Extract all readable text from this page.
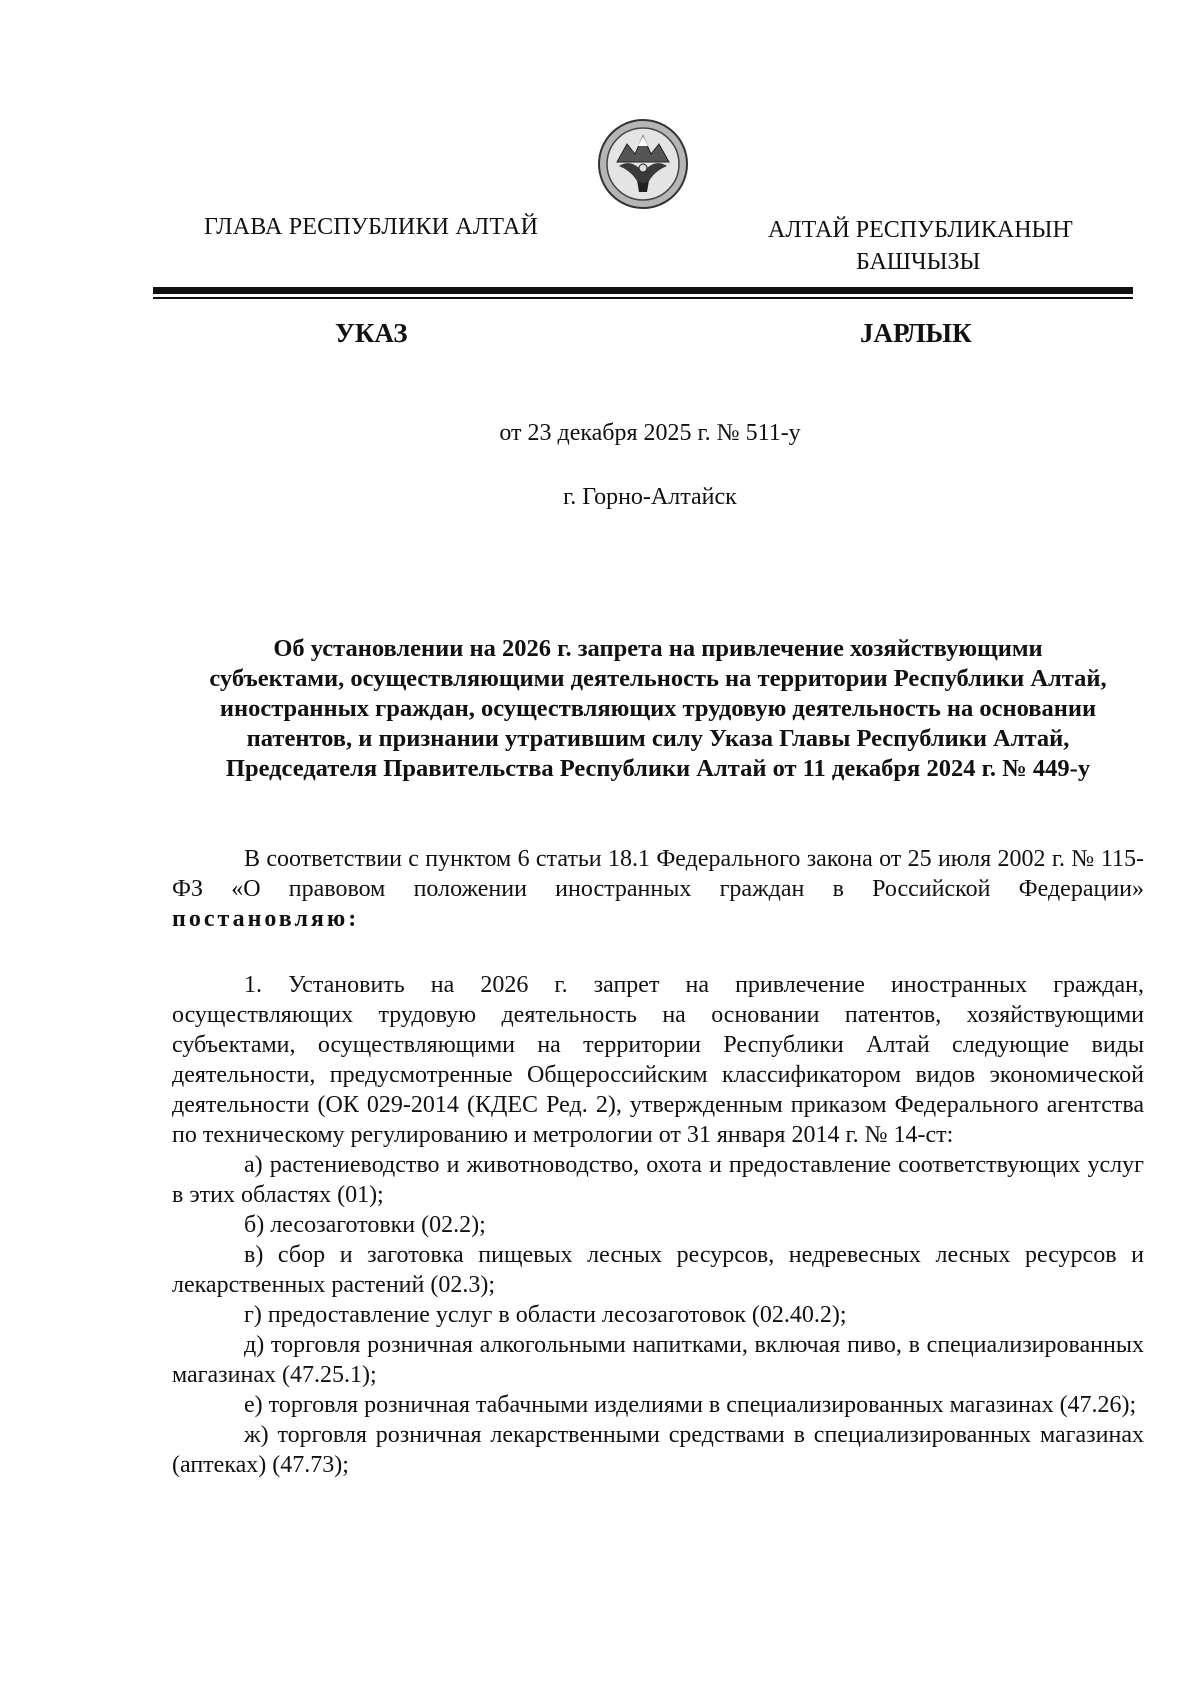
ГЛАВА РЕСПУБЛИКИ АЛТАЙ	АЛТАЙ РЕСПУБЛИКАНЫҤ
БАШЧЫЗЫ
УКАЗ	ЈАРЛЫК
от 23 декабря 2025 г. № 511-у
г. Горно-Алтайск
Об установлении на 2026 г. запрета на привлечение хозяйствующими
субъектами, осуществляющими деятельность на территории Республики Алтай,
иностранных граждан, осуществляющих трудовую деятельность на основании
патентов, и признании утратившим силу Указа Главы Республики Алтай,
Председателя Правительства Республики Алтай от 11 декабря 2024 г. № 449-у

В соответствии с пунктом 6 статьи 18.1 Федерального закона от 25 июля 2002 г. № 115-ФЗ «О правовом положении иностранных граждан в Российской Федерации» постановляю:

1. Установить на 2026 г. запрет на привлечение иностранных граждан, осуществляющих трудовую деятельность на основании патентов, хозяйствующими субъектами, осуществляющими на территории Республики Алтай следующие виды деятельности, предусмотренные Общероссийским классификатором видов экономической деятельности (ОК 029-2014 (КДЕС Ред. 2), утвержденным приказом Федерального агентства по техническому регулированию и метрологии от 31 января 2014 г. № 14-ст:

а) растениеводство и животноводство, охота и предоставление соответствующих услуг в этих областях (01);

б) лесозаготовки (02.2);

в) сбор и заготовка пищевых лесных ресурсов, недревесных лесных ресурсов и лекарственных растений (02.3);

г) предоставление услуг в области лесозаготовок (02.40.2);

д) торговля розничная алкогольными напитками, включая пиво, в специализированных магазинах (47.25.1);

е) торговля розничная табачными изделиями в специализированных магазинах (47.26);

ж) торговля розничная лекарственными средствами в специализированных магазинах (аптеках) (47.73);
